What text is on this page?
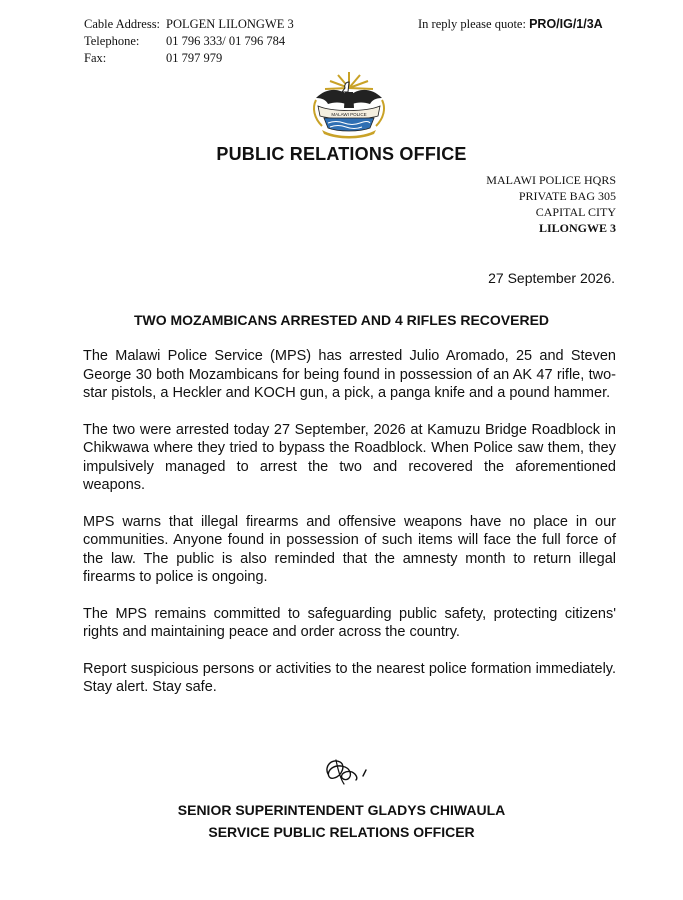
Cable Address: POLGEN LILONGWE 3
Telephone: 01 796 333/ 01 796 784
Fax:	01 797 979
In reply please quote: PRO/IG/1/3A
MALAWI POLICE
PUBLIC RELATIONS OFFICE
MALAWI POLICE HQRS
PRIVATE BAG 305
CAPITAL CITY
LILONGWE 3
27 September 2026.
TWO MOZAMBICANS ARRESTED AND 4 RIFLES RECOVERED

The Malawi Police Service (MPS) has arrested Julio Aromado, 25 and Steven George 30 both Mozambicans for being found in possession of an AK 47 rifle, two-star pistols, a Heckler and KOCH gun, a pick, a panga knife and a pound hammer.

The two were arrested today 27 September, 2026 at Kamuzu Bridge Roadblock in Chikwawa where they tried to bypass the Roadblock. When Police saw them, they impulsively managed to arrest the two and recovered the aforementioned weapons.

MPS warns that illegal firearms and offensive weapons have no place in our communities. Anyone found in possession of such items will face the full force of the law. The public is also reminded that the amnesty month to return illegal firearms to police is ongoing.

The MPS remains committed to safeguarding public safety, protecting citizens' rights and maintaining peace and order across the country.

Report suspicious persons or activities to the nearest police formation immediately. Stay alert. Stay safe.

SENIOR SUPERINTENDENT GLADYS CHIWAULA
SERVICE PUBLIC RELATIONS OFFICER
